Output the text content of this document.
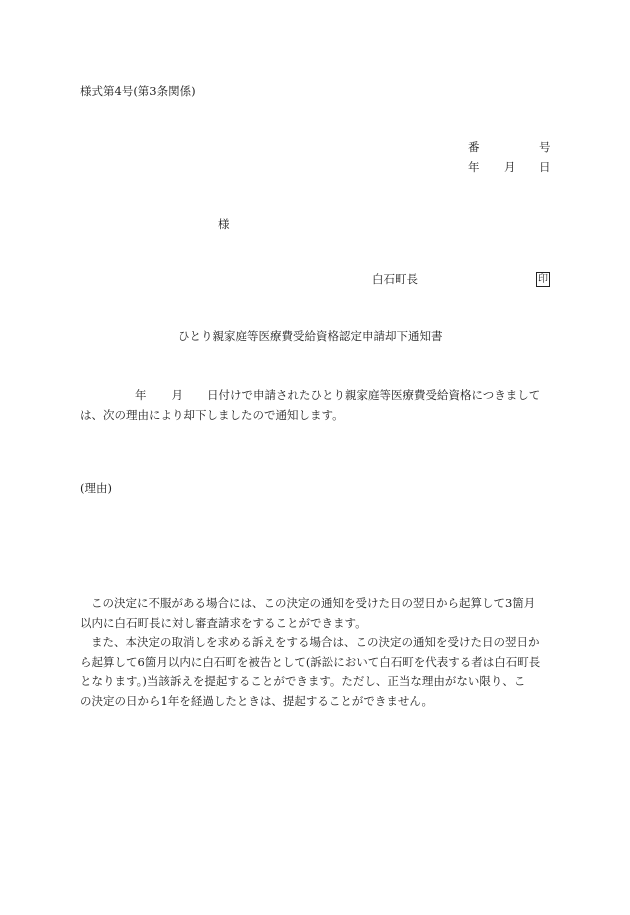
様式第4号(第3条関係)
番	号
年 月 日
様
白石町長	印
ひとり親家庭等医療費受給資格認定申請却下通知書
年 月 日付けで申請されたひとり親家庭等医療費受給資格につきまして
は、次の理由により却下しましたので通知します。
(理由)
この決定に不服がある場合には、この決定の通知を受けた日の翌日から起算して3箇月
以内に白石町長に対し審査請求をすることができます。
また、本決定の取消しを求める訴えをする場合は、この決定の通知を受けた日の翌日か
ら起算して6箇月以内に白石町を被告として(訴訟において白石町を代表する者は白石町長
となります。)当該訴えを提起することができます。ただし、正当な理由がない限り、こ
の決定の日から1年を経過したときは、提起することができません。
